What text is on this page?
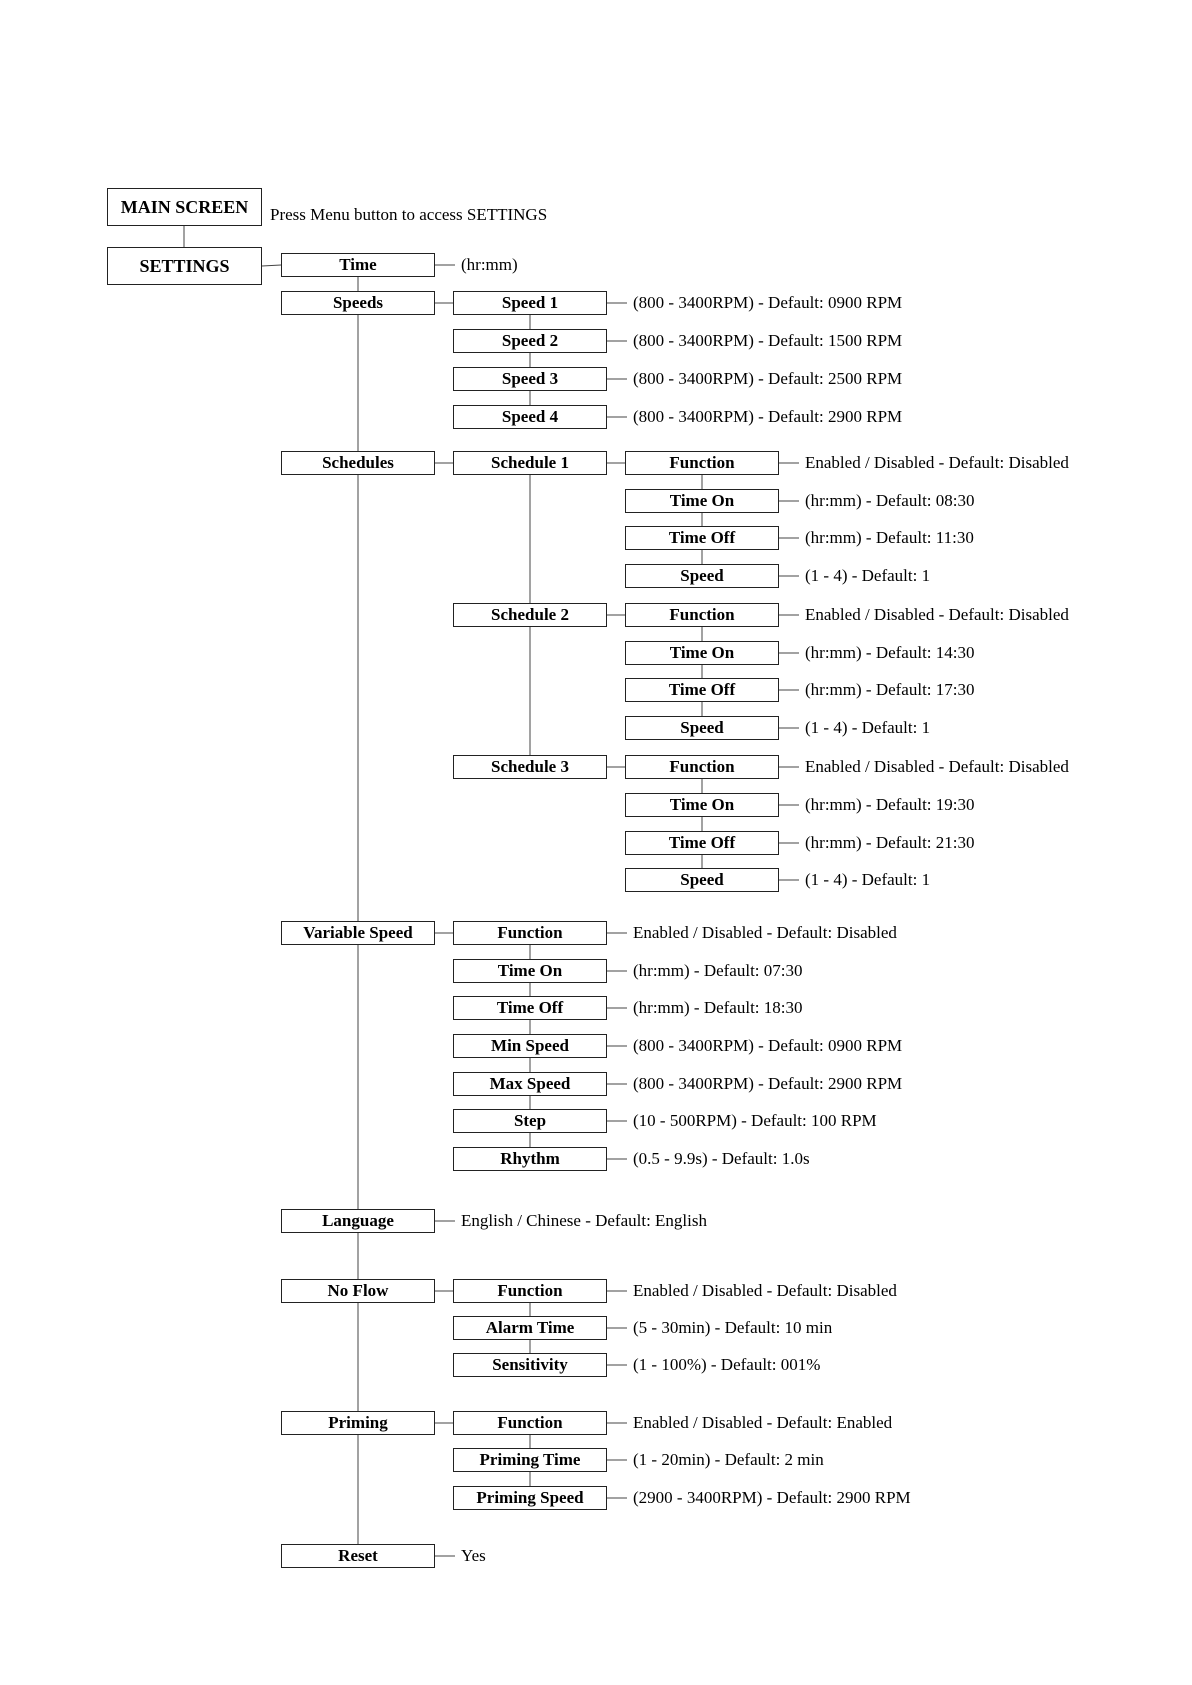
MAIN SCREEN Press Menu button to access SETTINGS
SETTINGS	Time	(hr:mm)
Speed 1	(800 - 3400RPM) - Default: 0900 RPM
Speed 2	(800 - 3400RPM) - Default: 1500 RPM
Speed 3	(800 - 3400RPM) - Default: 2500 RPM
Speed 4	(800 - 3400RPM) - Default: 2900 RPM
Speeds
Function	Enabled / Disabled - Default: Disabled
Time On	(hr:mm) - Default: 08:30
Time Off	(hr:mm) - Default: 11:30
Speed	(1 - 4) - Default: 1
Schedule 1
Function	Enabled / Disabled - Default: Disabled
Time On	(hr:mm) - Default: 14:30
Time Off	(hr:mm) - Default: 17:30
Speed	(1 - 4) - Default: 1
Schedule 2
Function	Enabled / Disabled - Default: Disabled
Time On	(hr:mm) - Default: 19:30
Time Off	(hr:mm) - Default: 21:30
Speed	(1 - 4) - Default: 1
Schedule 3
Schedules
Function	Enabled / Disabled - Default: Disabled
Time On	(hr:mm) - Default: 07:30
Time Off	(hr:mm) - Default: 18:30
Min Speed	(800 - 3400RPM) - Default: 0900 RPM
Max Speed	(800 - 3400RPM) - Default: 2900 RPM
Step	(10 - 500RPM) - Default: 100 RPM
Rhythm	(0.5 - 9.9s) - Default: 1.0s
Variable Speed
Language	English / Chinese - Default: English
Function	Enabled / Disabled - Default: Disabled
Alarm Time	(5 - 30min) - Default: 10 min
Sensitivity	(1 - 100%) - Default: 001%
No Flow
Function	Enabled / Disabled - Default: Enabled
Priming Time	(1 - 20min) - Default: 2 min
Priming Speed	(2900 - 3400RPM) - Default: 2900 RPM
Priming
Reset	Yes
